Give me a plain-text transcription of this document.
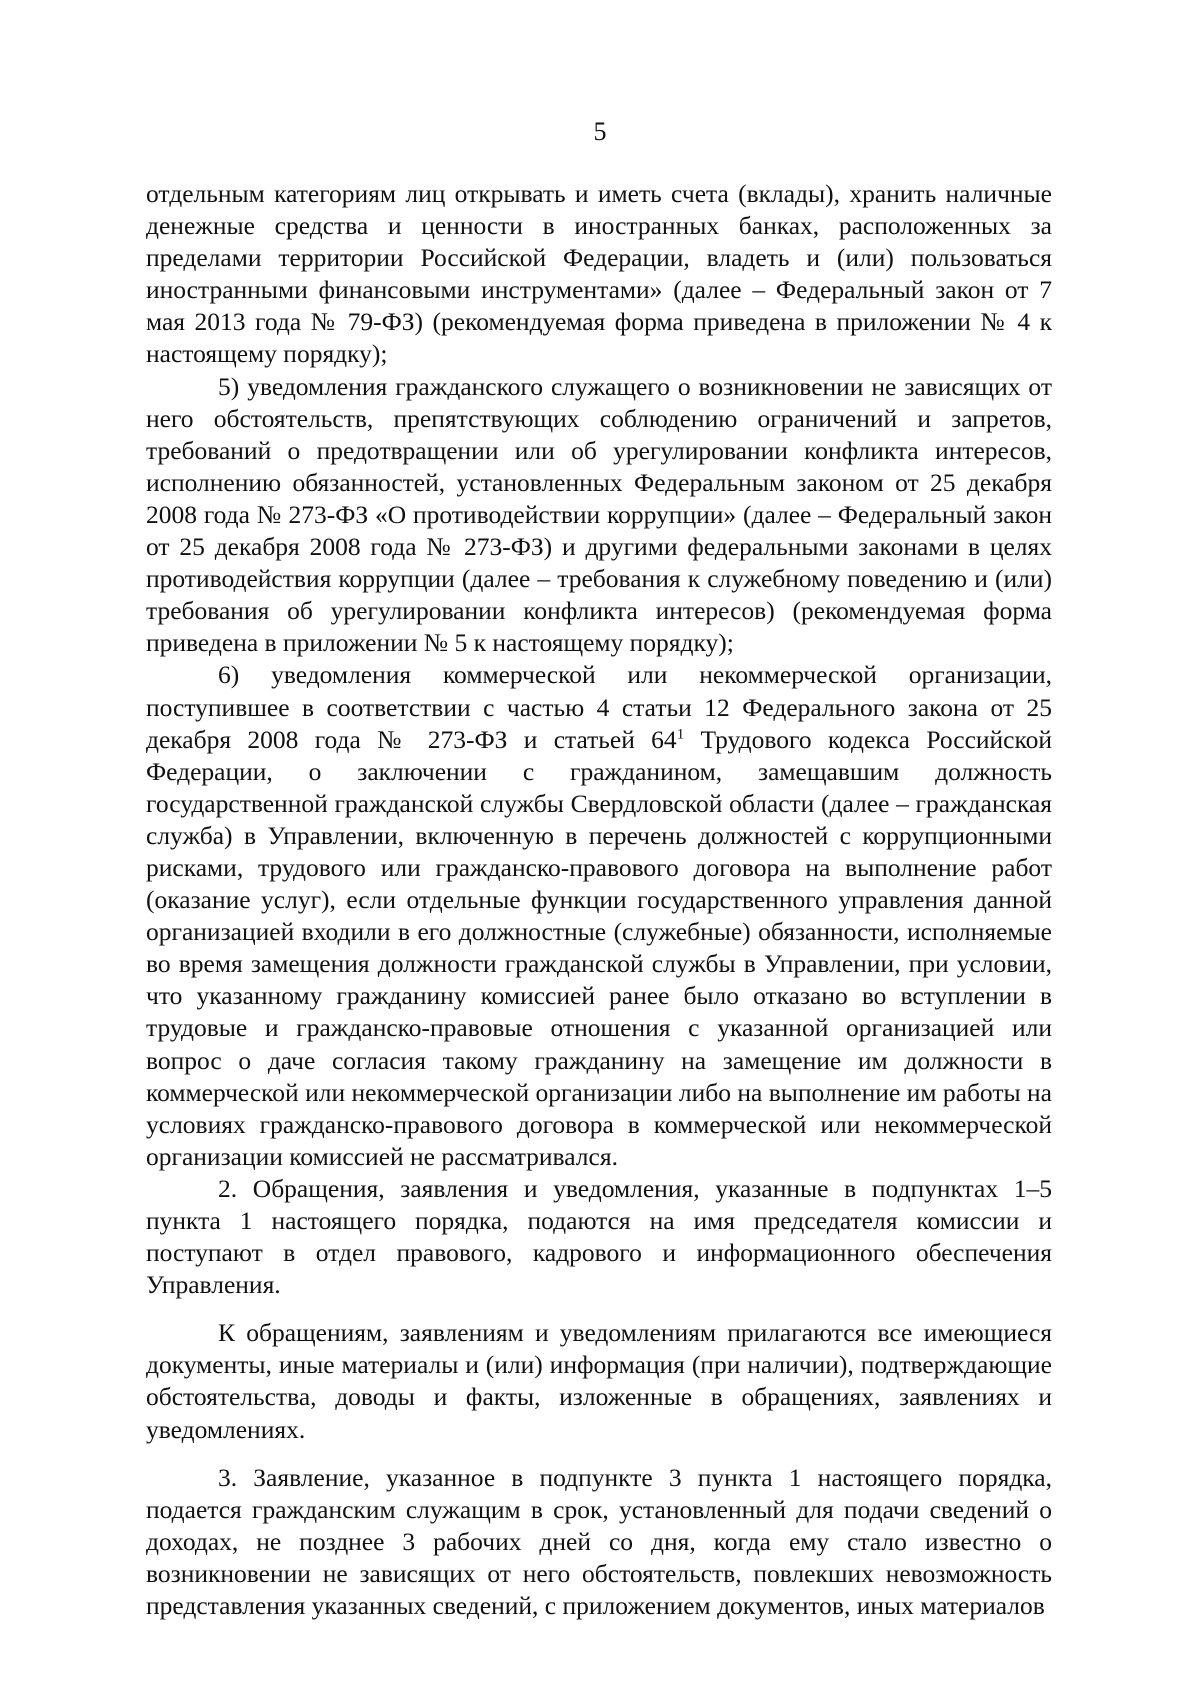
5

отдельным категориям лиц открывать и иметь счета (вклады), хранить наличные денежные средства и ценности в иностранных банках, расположенных за пределами территории Российской Федерации, владеть и (или) пользоваться иностранными финансовыми инструментами» (далее – Федеральный закон от 7 мая 2013 года № 79-ФЗ) (рекомендуемая форма приведена в приложении № 4 к настоящему порядку);

5) уведомления гражданского служащего о возникновении не зависящих от него обстоятельств, препятствующих соблюдению ограничений и запретов, требований о предотвращении или об урегулировании конфликта интересов, исполнению обязанностей, установленных Федеральным законом от 25 декабря 2008 года № 273-ФЗ «О противодействии коррупции» (далее – Федеральный закон от 25 декабря 2008 года № 273-ФЗ) и другими федеральными законами в целях противодействия коррупции (далее – требования к служебному поведению и (или) требования об урегулировании конфликта интересов) (рекомендуемая форма приведена в приложении № 5 к настоящему порядку);

6) уведомления коммерческой или некоммерческой организации, поступившее в соответствии с частью 4 статьи 12 Федерального закона от 25 декабря 2008 года № 273-ФЗ и статьей $64^1$ Трудового кодекса Российской Федерации, о заключении с гражданином, замещавшим должность государственной гражданской службы Свердловской области (далее – гражданская служба) в Управлении, включенную в перечень должностей с коррупционными рисками, трудового или гражданско-правового договора на выполнение работ (оказание услуг), если отдельные функции государственного управления данной организацией входили в его должностные (служебные) обязанности, исполняемые во время замещения должности гражданской службы в Управлении, при условии, что указанному гражданину комиссией ранее было отказано во вступлении в трудовые и гражданско-правовые отношения с указанной организацией или вопрос о даче согласия такому гражданину на замещение им должности в коммерческой или некоммерческой организации либо на выполнение им работы на условиях гражданско-правового договора в коммерческой или некоммерческой организации комиссией не рассматривался.

2. Обращения, заявления и уведомления, указанные в подпунктах 1–5 пункта 1 настоящего порядка, подаются на имя председателя комиссии и поступают в отдел правового, кадрового и информационного обеспечения Управления.

К обращениям, заявлениям и уведомлениям прилагаются все имеющиеся документы, иные материалы и (или) информация (при наличии), подтверждающие обстоятельства, доводы и факты, изложенные в обращениях, заявлениях и уведомлениях.

3. Заявление, указанное в подпункте 3 пункта 1 настоящего порядка, подается гражданским служащим в срок, установленный для подачи сведений о доходах, не позднее 3 рабочих дней со дня, когда ему стало известно о возникновении не зависящих от него обстоятельств, повлекших невозможность представления указанных сведений, с приложением документов, иных материалов
